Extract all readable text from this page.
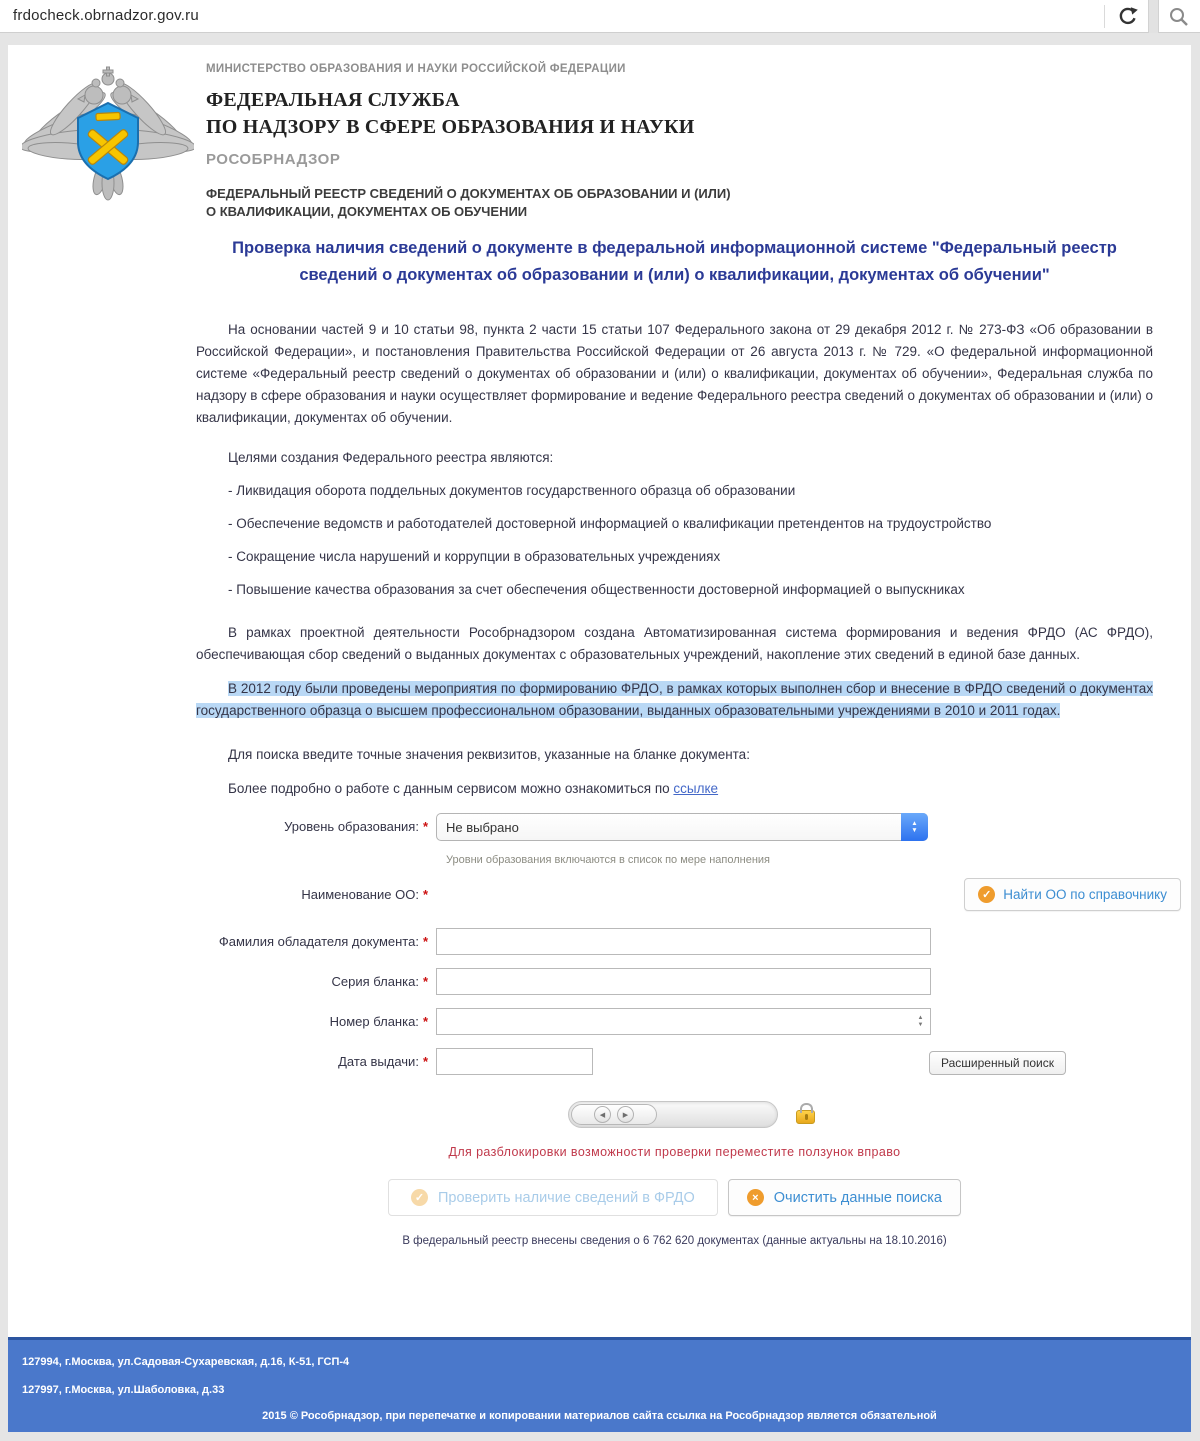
frdocheck.obrnadzor.gov.ru
МИНИСТЕРСТВО ОБРАЗОВАНИЯ И НАУКИ РОССИЙСКОЙ ФЕДЕРАЦИИ
ФЕДЕРАЛЬНАЯ СЛУЖБА
ПО НАДЗОРУ В СФЕРЕ ОБРАЗОВАНИЯ И НАУКИ
РОСОБРНАДЗОР
ФЕДЕРАЛЬНЫЙ РЕЕСТР СВЕДЕНИЙ О ДОКУМЕНТАХ ОБ ОБРАЗОВАНИИ И (ИЛИ)
О КВАЛИФИКАЦИИ, ДОКУМЕНТАХ ОБ ОБУЧЕНИИ
Проверка наличия сведений о документе в федеральной информационной системе "Федеральный реестр сведений о документах об образовании и (или) о квалификации, документах об обучении"
На основании частей 9 и 10 статьи 98, пункта 2 части 15 статьи 107 Федерального закона от 29 декабря 2012 г. № 273-ФЗ «Об образовании в Российской Федерации», и постановления Правительства Российской Федерации от 26 августа 2013 г. № 729. «О федеральной информационной системе «Федеральный реестр сведений о документах об образовании и (или) о квалификации, документах об обучении», Федеральная служба по надзору в сфере образования и науки осуществляет формирование и ведение Федерального реестра сведений о документах об образовании и (или) о квалификации, документах об обучении.
Целями создания Федерального реестра являются:
- Ликвидация оборота поддельных документов государственного образца об образовании
- Обеспечение ведомств и работодателей достоверной информацией о квалификации претендентов на трудоустройство
- Сокращение числа нарушений и коррупции в образовательных учреждениях
- Повышение качества образования за счет обеспечения общественности достоверной информацией о выпускниках
В рамках проектной деятельности Рособрнадзором создана Автоматизированная система формирования и ведения ФРДО (АС ФРДО), обеспечивающая сбор сведений о выданных документах с образовательных учреждений, накопление этих сведений в единой базе данных.
В 2012 году были проведены мероприятия по формированию ФРДО, в рамках которых выполнен сбор и внесение в ФРДО сведений о документах государственного образца о высшем профессиональном образовании, выданных образовательными учреждениями в 2010 и 2011 годах.
Для поиска введите точные значения реквизитов, указанные на бланке документа:
Более подробно о работе с данным сервисом можно ознакомиться по ссылке
Уровень образования: *	Не выбрано	▲
▼
Уровни образования включаются в список по мере наполнения
Наименование ОО: *	✓ Найти ОО по справочнику
Фамилия обладателя документа: *
Серия бланка: *
Номер бланка: *	▲
▼
Дата выдачи: *	Расширенный поиск
◀	▶
Для разблокировки возможности проверки переместите ползунок вправо
✓ Проверить наличие сведений в ФРДО	× Очистить данные поиска
В федеральный реестр внесены сведения о 6 762 620 документах (данные актуальны на 18.10.2016)
127994, г.Москва, ул.Садовая-Сухаревская, д.16, К-51, ГСП-4
127997, г.Москва, ул.Шаболовка, д.33
2015 © Рособрнадзор, при перепечатке и копировании материалов сайта ссылка на Рособрнадзор является обязательной
